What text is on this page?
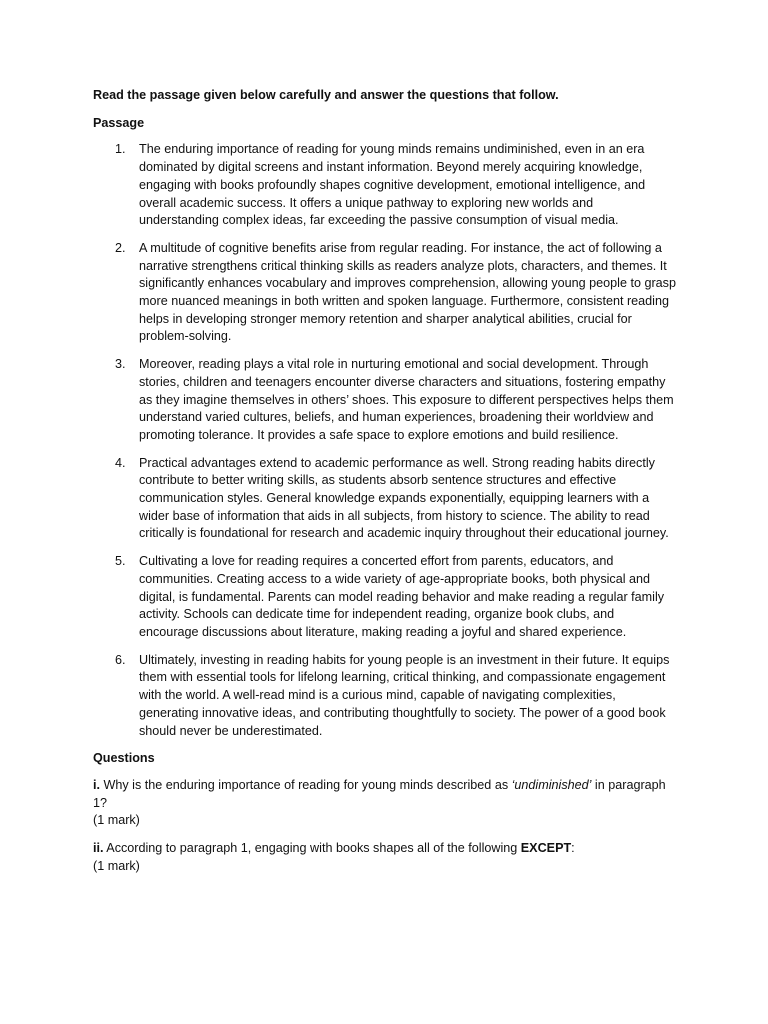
Read the passage given below carefully and answer the questions that follow.

Passage

1. The enduring importance of reading for young minds remains undiminished, even in an era dominated by digital screens and instant information. Beyond merely acquiring knowledge, engaging with books profoundly shapes cognitive development, emotional intelligence, and overall academic success. It offers a unique pathway to exploring new worlds and understanding complex ideas, far exceeding the passive consumption of visual media.
2. A multitude of cognitive benefits arise from regular reading. For instance, the act of following a narrative strengthens critical thinking skills as readers analyze plots, characters, and themes. It significantly enhances vocabulary and improves comprehension, allowing young people to grasp more nuanced meanings in both written and spoken language. Furthermore, consistent reading helps in developing stronger memory retention and sharper analytical abilities, crucial for problem-solving.
3. Moreover, reading plays a vital role in nurturing emotional and social development. Through stories, children and teenagers encounter diverse characters and situations, fostering empathy as they imagine themselves in others’ shoes. This exposure to different perspectives helps them understand varied cultures, beliefs, and human experiences, broadening their worldview and promoting tolerance. It provides a safe space to explore emotions and build resilience.
4. Practical advantages extend to academic performance as well. Strong reading habits directly contribute to better writing skills, as students absorb sentence structures and effective communication styles. General knowledge expands exponentially, equipping learners with a wider base of information that aids in all subjects, from history to science. The ability to read critically is foundational for research and academic inquiry throughout their educational journey.
5. Cultivating a love for reading requires a concerted effort from parents, educators, and communities. Creating access to a wide variety of age-appropriate books, both physical and digital, is fundamental. Parents can model reading behavior and make reading a regular family activity. Schools can dedicate time for independent reading, organize book clubs, and encourage discussions about literature, making reading a joyful and shared experience.
6. Ultimately, investing in reading habits for young people is an investment in their future. It equips them with essential tools for lifelong learning, critical thinking, and compassionate engagement with the world. A well-read mind is a curious mind, capable of navigating complexities, generating innovative ideas, and contributing thoughtfully to society. The power of a good book should never be underestimated.

Questions

i. Why is the enduring importance of reading for young minds described as ‘undiminished’ in paragraph 1?
(1 mark)

ii. According to paragraph 1, engaging with books shapes all of the following EXCEPT:
(1 mark)
